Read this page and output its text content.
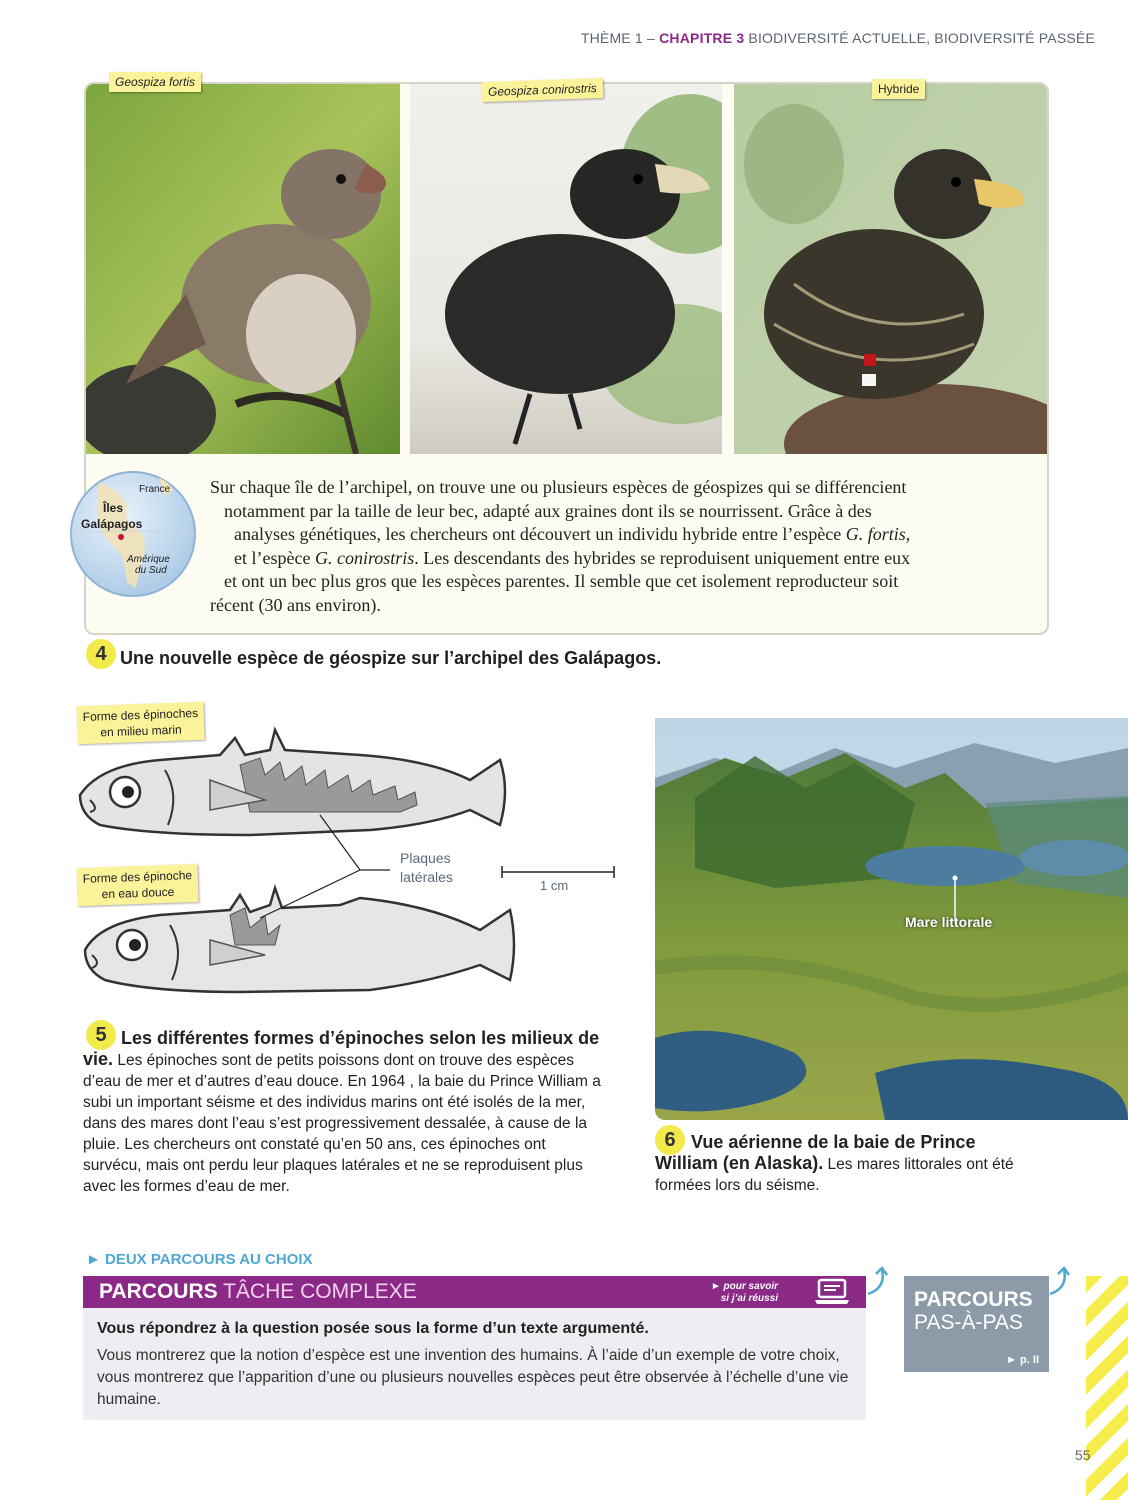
THÈME 1 – CHAPITRE 3 BIODIVERSITÉ ACTUELLE, BIODIVERSITÉ PASSÉE
Geospiza fortis	Geospiza conirostris	Hybride
France
Îles
Galápagos
Amérique
du Sud
Sur chaque île de l’archipel, on trouve une ou plusieurs espèces de géospizes qui se différencient
notamment par la taille de leur bec, adapté aux graines dont ils se nourrissent. Grâce à des
analyses génétiques, les chercheurs ont découvert un individu hybride entre l’espèce G. fortis,
et l’espèce G. conirostris. Les descendants des hybrides se reproduisent uniquement entre eux
et ont un bec plus gros que les espèces parentes. Il semble que cet isolement reproducteur soit
récent (30 ans environ).
4 Une nouvelle espèce de géospize sur l’archipel des Galápagos.
Plaques
latérales
1 cm
Forme des épinoches
en milieu marin
Forme des épinoche
en eau douce
5 Les différentes formes d’épinoches selon les milieux de
vie. Les épinoches sont de petits poissons dont on trouve des espèces d’eau de mer et d’autres d’eau douce. En 1964 , la baie du Prince William a subi un important séisme et des individus marins ont été isolés de la mer, dans des mares dont l’eau s’est progressivement dessalée, à cause de la pluie. Les chercheurs ont constaté qu’en 50 ans, ces épinoches ont survécu, mais ont perdu leur plaques latérales et ne se reproduisent plus avec les formes d’eau de mer.
Mare littorale
6 Vue aérienne de la baie de Prince
William (en Alaska). Les mares littorales ont été formées lors du séisme.
► DEUX PARCOURS AU CHOIX
PARCOURS TÂCHE COMPLEXE	► pour savoir
si j’ai réussi
Vous répondrez à la question posée sous la forme d’un texte argumenté.
Vous montrerez que la notion d’espèce est une invention des humains. À l’aide d’un exemple de votre choix, vous montrerez que l’apparition d’une ou plusieurs nouvelles espèces peut être observée à l’échelle d’une vie humaine.
PARCOURS
PAS-À-PAS
► p. II
55
